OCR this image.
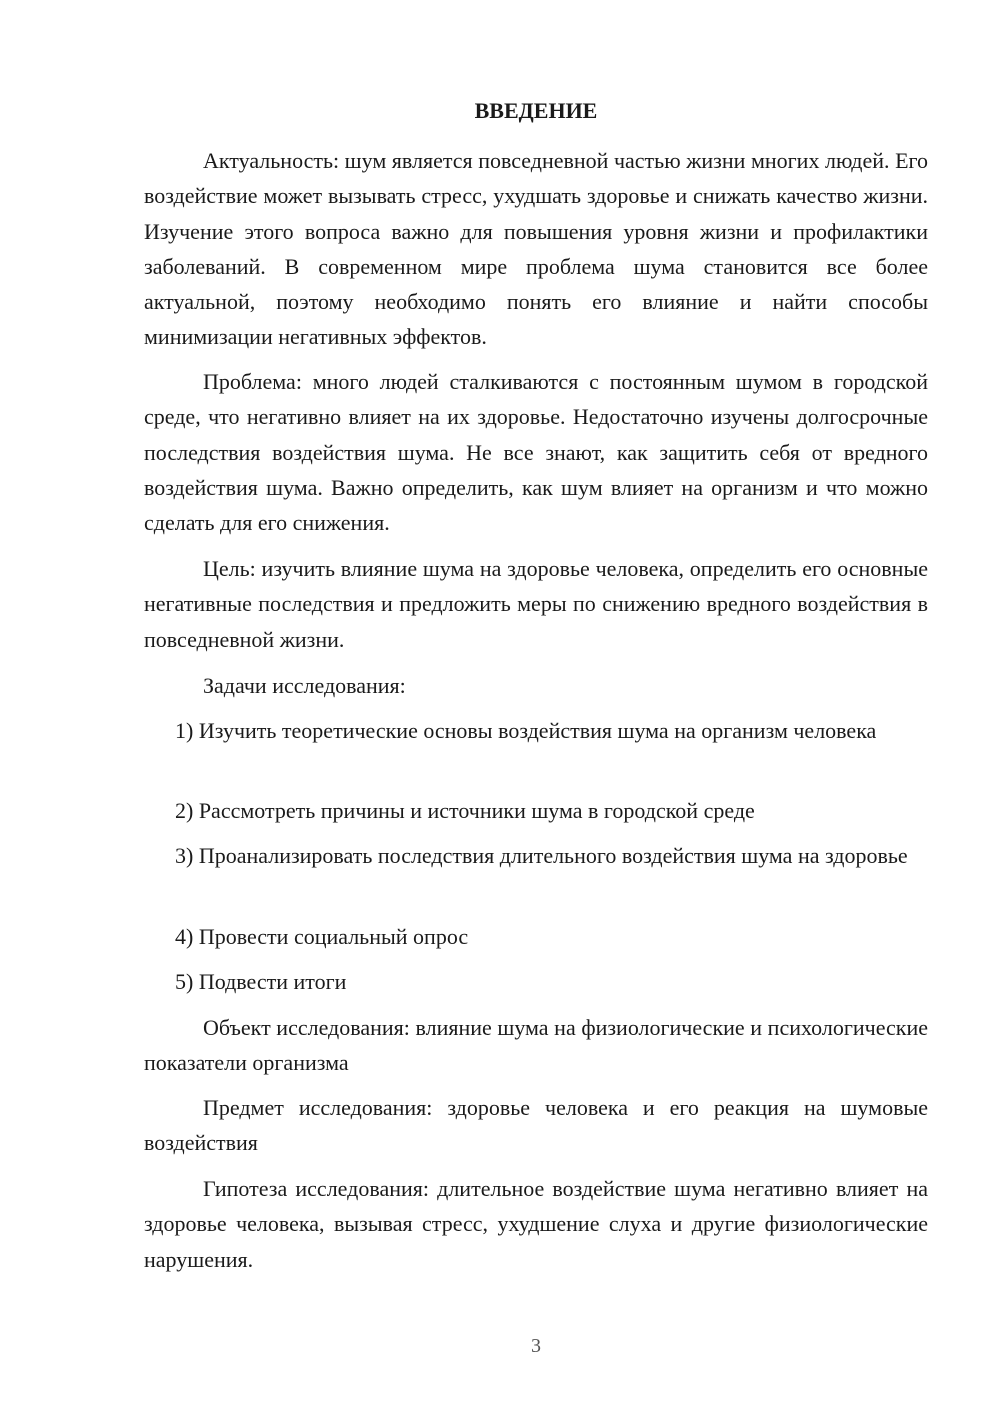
ВВЕДЕНИЕ

Актуальность: шум является повседневной частью жизни многих людей. Его воздействие может вызывать стресс, ухудшать здоровье и снижать качество жизни. Изучение этого вопроса важно для повышения уровня жизни и профилактики заболеваний. В современном мире проблема шума становится все более актуальной, поэтому необходимо понять его влияние и найти способы минимизации негативных эффектов.

Проблема: много людей сталкиваются с постоянным шумом в городской среде, что негативно влияет на их здоровье. Недостаточно изучены долгосрочные последствия воздействия шума. Не все знают, как защитить себя от вредного воздействия шума. Важно определить, как шум влияет на организм и что можно сделать для его снижения.

Цель: изучить влияние шума на здоровье человека, определить его основные негативные последствия и предложить меры по снижению вредного воздействия в повседневной жизни.

Задачи исследования:

1) Изучить теоретические основы воздействия шума на организм человека

2) Рассмотреть причины и источники шума в городской среде

3) Проанализировать последствия длительного воздействия шума на здоровье

4) Провести социальный опрос

5) Подвести итоги

Объект исследования: влияние шума на физиологические и психологические показатели организма

Предмет исследования: здоровье человека и его реакция на шумовые воздействия

Гипотеза исследования: длительное воздействие шума негативно влияет на здоровье человека, вызывая стресс, ухудшение слуха и другие физиологические нарушения.

3
